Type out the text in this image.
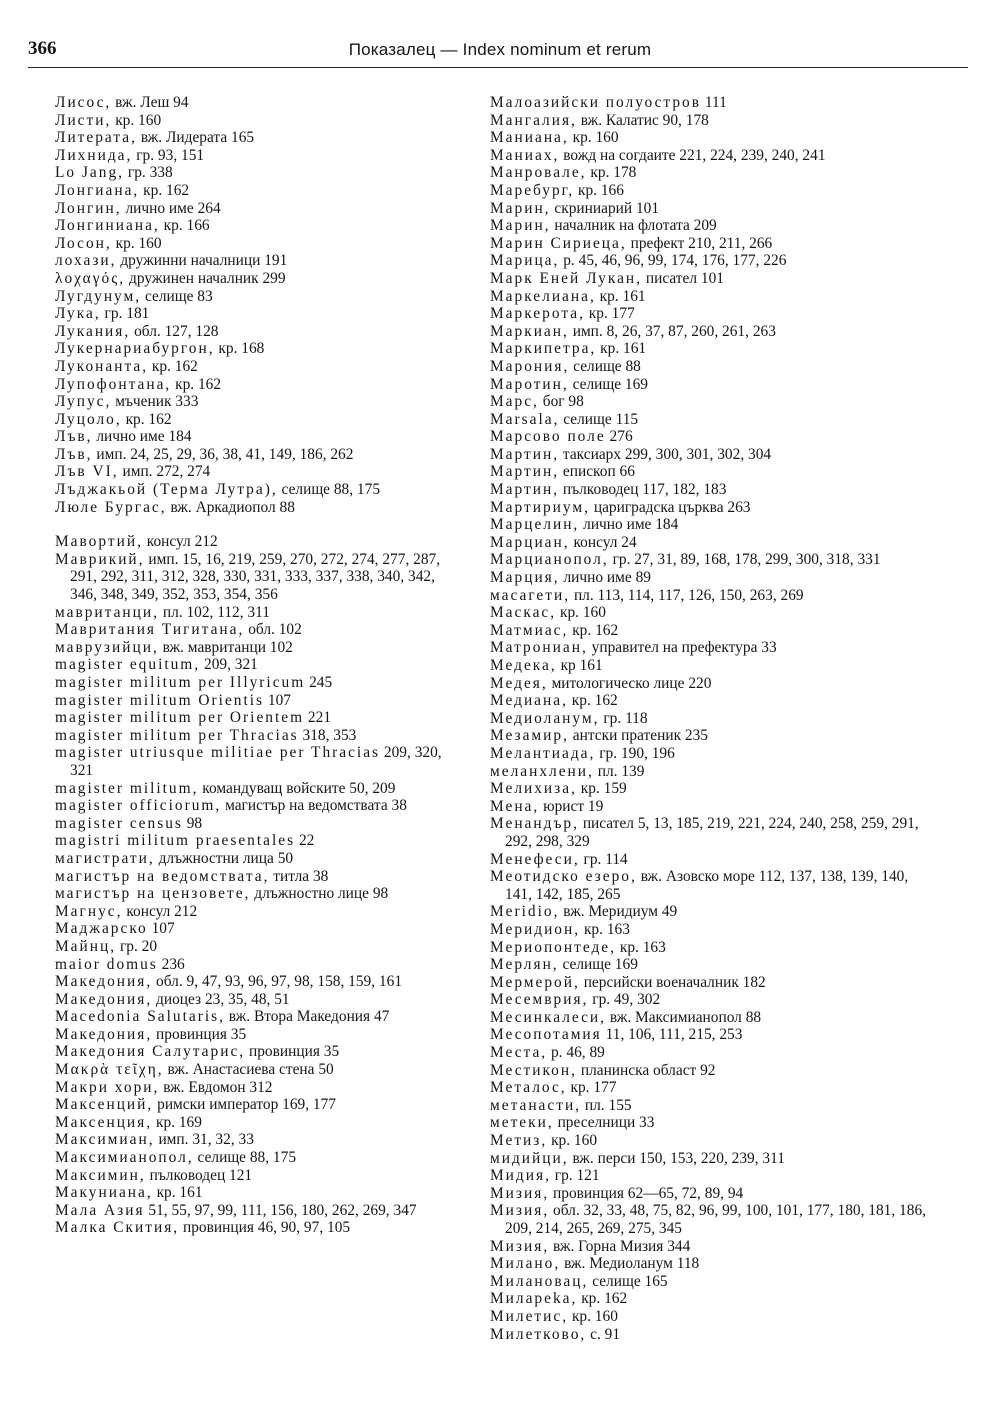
366	Показалец — Index nominum et rerum
Лисос, вж. Леш 94
Листи, кр. 160
Литерата, вж. Лидерата 165
Лихнида, гр. 93, 151
Lo Jang, гр. 338
Лонгиана, кр. 162
Лонгин, лично име 264
Лонгиниана, кр. 166
Лосон, кр. 160
лохази, дружинни началници 191
λοχαγός, дружинен началник 299
Лугдунум, селище 83
Лука, гр. 181
Лукания, обл. 127, 128
Лукернариабургон, кр. 168
Луконанта, кр. 162
Лупофонтана, кр. 162
Лупус, мъченик 333
Луцоло, кр. 162
Лъв, лично име 184
Лъв, имп. 24, 25, 29, 36, 38, 41, 149, 186, 262
Лъв VI, имп. 272, 274
Лъджакьой (Терма Лутра), селище 88, 175
Люле Бургас, вж. Аркадиопол 88
Мавортий, консул 212
Маврикий, имп. 15, 16, 219, 259, 270, 272, 274, 277, 287, 291, 292, 311, 312, 328, 330, 331, 333, 337, 338, 340, 342, 346, 348, 349, 352, 353, 354, 356
мавританци, пл. 102, 112, 311
Мавритания Тигитана, обл. 102
маврузийци, вж. мавританци 102
magister equitum, 209, 321
magister militum per Illyricum 245
magister militum Orientis 107
magister militum per Orientem 221
magister militum per Thracias 318, 353
magister utriusque militiae per Thracias 209, 320, 321
magister militum, командуващ войските 50, 209
magister officiorum, магистър на ведомствата 38
magister census 98
magistri militum praesentales 22
магистрати, длъжностни лица 50
магистър на ведомствата, титла 38
магистър на цензовете, длъжностно лице 98
Магнус, консул 212
Маджарско 107
Майнц, гр. 20
maior domus 236
Македония, обл. 9, 47, 93, 96, 97, 98, 158, 159, 161
Македония, диоцез 23, 35, 48, 51
Macedonia Salutaris, вж. Втора Македония 47
Македония, провинция 35
Македония Салутарис, провинция 35
Μακρὰ τεῖχη, вж. Анастасиева стена 50
Макри хори, вж. Евдомон 312
Максенций, римски император 169, 177
Максенция, кр. 169
Максимиан, имп. 31, 32, 33
Максимианопол, селище 88, 175
Максимин, пълководец 121
Макуниана, кр. 161
Мала Азия 51, 55, 97, 99, 111, 156, 180, 262, 269, 347
Малка Скития, провинция 46, 90, 97, 105
Малоазийски полуостров 111
Мангалия, вж. Калатис 90, 178
Маниана, кр. 160
Маниах, вожд на согдаите 221, 224, 239, 240, 241
Манровале, кр. 178
Маребург, кр. 166
Марин, скриниарий 101
Марин, началник на флотата 209
Марин Сириеца, префект 210, 211, 266
Марица, р. 45, 46, 96, 99, 174, 176, 177, 226
Марк Еней Лукан, писател 101
Маркелиана, кр. 161
Маркерота, кр. 177
Маркиан, имп. 8, 26, 37, 87, 260, 261, 263
Маркипетра, кр. 161
Марония, селище 88
Маротин, селище 169
Марс, бог 98
Marsala, селище 115
Марсово поле 276
Мартин, таксиарх 299, 300, 301, 302, 304
Мартин, епископ 66
Мартин, пълководец 117, 182, 183
Мартириум, цариградска църква 263
Марцелин, лично име 184
Марциан, консул 24
Марцианопол, гр. 27, 31, 89, 168, 178, 299, 300, 318, 331
Марция, лично име 89
масагети, пл. 113, 114, 117, 126, 150, 263, 269
Маскас, кр. 160
Матмиас, кр. 162
Матрониан, управител на префектура 33
Медека, кр 161
Медея, митологическо лице 220
Медиана, кр. 162
Медиоланум, гр. 118
Мезамир, антски пратеник 235
Мелантиада, гр. 190, 196
меланхлени, пл. 139
Мелихиза, кр. 159
Мена, юрист 19
Менандър, писател 5, 13, 185, 219, 221, 224, 240, 258, 259, 291, 292, 298, 329
Менефеси, гр. 114
Меотидско езеро, вж. Азовско море 112, 137, 138, 139, 140, 141, 142, 185, 265
Meridio, вж. Меридиум 49
Меридион, кр. 163
Мериопонтеде, кр. 163
Мерлян, селище 169
Мермерой, персийски военачалник 182
Месемврия, гр. 49, 302
Месинкалеси, вж. Максимианопол 88
Месопотамия 11, 106, 111, 215, 253
Места, р. 46, 89
Местикон, планинска област 92
Металос, кр. 177
метанасти, пл. 155
метеки, преселници 33
Метиз, кр. 160
мидийци, вж. перси 150, 153, 220, 239, 311
Мидия, гр. 121
Мизия, провинция 62—65, 72, 89, 94
Мизия, обл. 32, 33, 48, 75, 82, 96, 99, 100, 101, 177, 180, 181, 186, 209, 214, 265, 269, 275, 345
Мизия, вж. Горна Мизия 344
Милано, вж. Медиоланум 118
Милановац, селище 165
Милареka, кр. 162
Милетис, кр. 160
Милетково, с. 91
